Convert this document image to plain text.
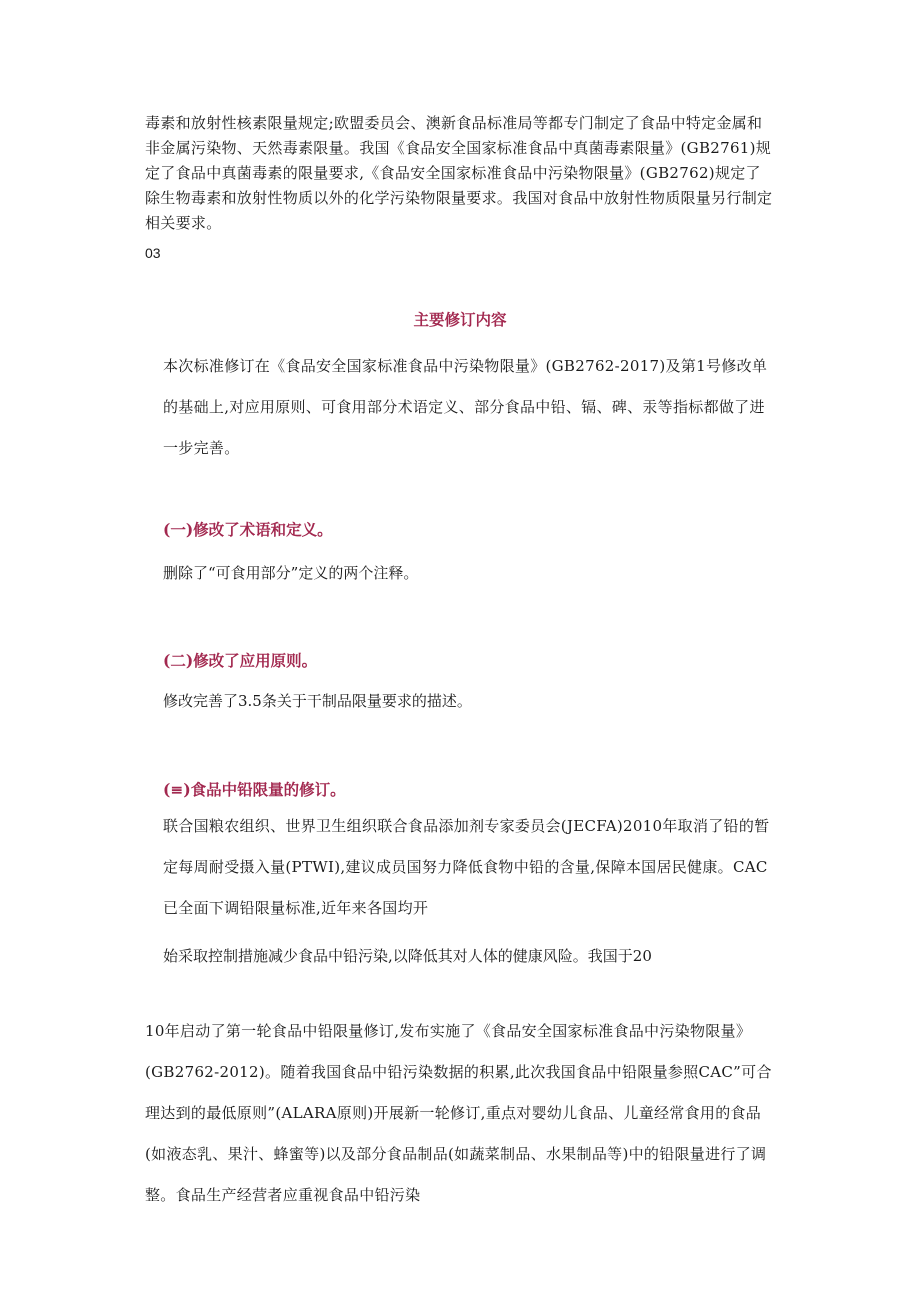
毒素和放射性核素限量规定;欧盟委员会、澳新食品标准局等都专门制定了食品中特定金属和非金属污染物、天然毒素限量。我国《食品安全国家标准食品中真菌毒素限量》(GB2761)规定了食品中真菌毒素的限量要求,《食品安全国家标准食品中污染物限量》(GB2762)规定了除生物毒素和放射性物质以外的化学污染物限量要求。我国对食品中放射性物质限量另行制定相关要求。

03
主要修订内容

本次标准修订在《食品安全国家标准食品中污染物限量》(GB2762-2017)及第1号修改单的基础上,对应用原则、可食用部分术语定义、部分食品中铅、镉、碑、汞等指标都做了进一步完善。

(一)修改了术语和定义。

删除了“可食用部分”定义的两个注释。

(二)修改了应用原则。

修改完善了3.5条关于干制品限量要求的描述。

(≡)食品中铅限量的修订。

联合国粮农组织、世界卫生组织联合食品添加剂专家委员会(JECFA)2010年取消了铅的暂定每周耐受摄入量(PTWI),建议成员国努力降低食物中铅的含量,保障本国居民健康。CAC已全面下调铅限量标准,近年来各国均开

始采取控制措施减少食品中铅污染,以降低其对人体的健康风险。我国于20

10年启动了第一轮食品中铅限量修订,发布实施了《食品安全国家标准食品中污染物限量》(GB2762-2012)。随着我国食品中铅污染数据的积累,此次我国食品中铅限量参照CAC”可合理达到的最低原则”(ALARA原则)开展新一轮修订,重点对婴幼儿食品、儿童经常食用的食品(如液态乳、果汁、蜂蜜等)以及部分食品制品(如蔬菜制品、水果制品等)中的铅限量进行了调整。食品生产经营者应重视食品中铅污染
